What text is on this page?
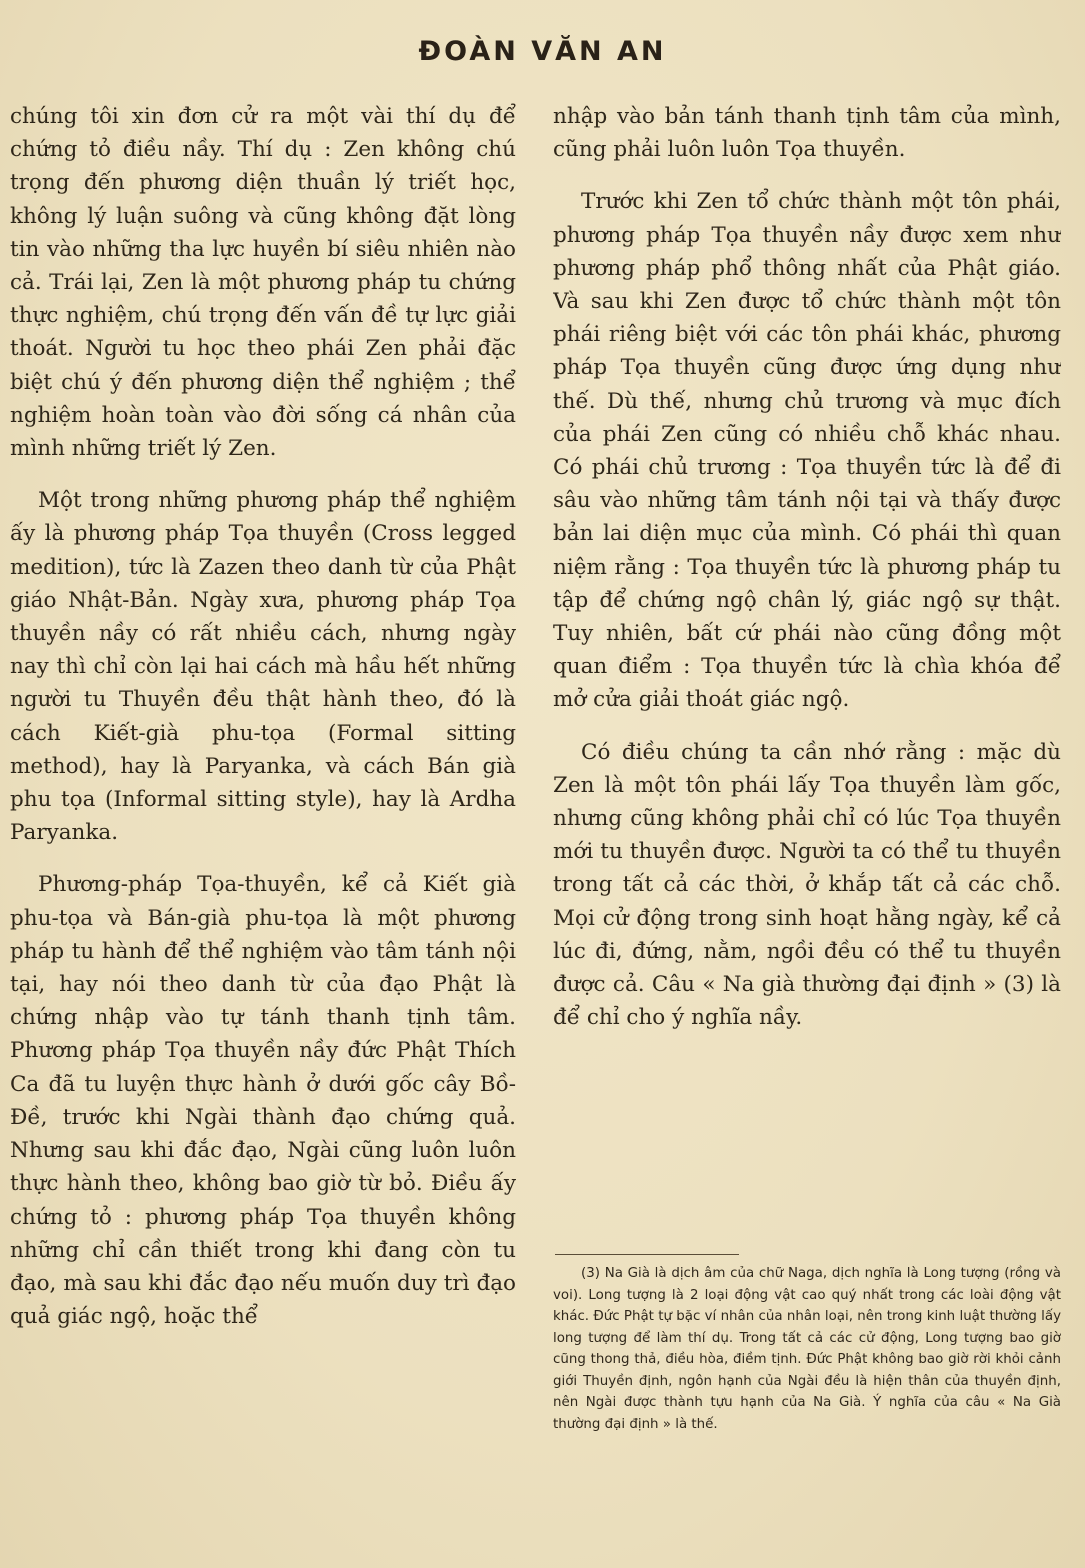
ĐOÀN VĂN AN

chúng tôi xin đơn cử ra một vài thí dụ để chứng tỏ điều nầy. Thí dụ : Zen không chú trọng đến phương diện thuần lý triết học, không lý luận suông và cũng không đặt lòng tin vào những tha lực huyền bí siêu nhiên nào cả. Trái lại, Zen là một phương pháp tu chứng thực nghiệm, chú trọng đến vấn đề tự lực giải thoát. Người tu học theo phái Zen phải đặc biệt chú ý đến phương diện thể nghiệm ; thể nghiệm hoàn toàn vào đời sống cá nhân của mình những triết lý Zen.

Một trong những phương pháp thể nghiệm ấy là phương pháp Tọa thuyền (Cross legged medition), tức là Zazen theo danh từ của Phật giáo Nhật-Bản. Ngày xưa, phương pháp Tọa thuyền nầy có rất nhiều cách, nhưng ngày nay thì chỉ còn lại hai cách mà hầu hết những người tu Thuyền đều thật hành theo, đó là cách Kiết-già phu-tọa (Formal sitting method), hay là Paryanka, và cách Bán già phu tọa (Informal sitting style), hay là Ardha Paryanka.

Phương-pháp Tọa-thuyền, kể cả Kiết già phu-tọa và Bán-già phu-tọa là một phương pháp tu hành để thể nghiệm vào tâm tánh nội tại, hay nói theo danh từ của đạo Phật là chứng nhập vào tự tánh thanh tịnh tâm. Phương pháp Tọa thuyền nầy đức Phật Thích Ca đã tu luyện thực hành ở dưới gốc cây Bồ-Đề, trước khi Ngài thành đạo chứng quả. Nhưng sau khi đắc đạo, Ngài cũng luôn luôn thực hành theo, không bao giờ từ bỏ. Điều ấy chứng tỏ : phương pháp Tọa thuyền không những chỉ cần thiết trong khi đang còn tu đạo, mà sau khi đắc đạo nếu muốn duy trì đạo quả giác ngộ, hoặc thể

nhập vào bản tánh thanh tịnh tâm của mình, cũng phải luôn luôn Tọa thuyền.

Trước khi Zen tổ chức thành một tôn phái, phương pháp Tọa thuyền nầy được xem như phương pháp phổ thông nhất của Phật giáo. Và sau khi Zen được tổ chức thành một tôn phái riêng biệt với các tôn phái khác, phương pháp Tọa thuyền cũng được ứng dụng như thế. Dù thế, nhưng chủ trương và mục đích của phái Zen cũng có nhiều chỗ khác nhau. Có phái chủ trương : Tọa thuyền tức là để đi sâu vào những tâm tánh nội tại và thấy được bản lai diện mục của mình. Có phái thì quan niệm rằng : Tọa thuyền tức là phương pháp tu tập để chứng ngộ chân lý, giác ngộ sự thật. Tuy nhiên, bất cứ phái nào cũng đồng một quan điểm : Tọa thuyền tức là chìa khóa để mở cửa giải thoát giác ngộ.

Có điều chúng ta cần nhớ rằng : mặc dù Zen là một tôn phái lấy Tọa thuyền làm gốc, nhưng cũng không phải chỉ có lúc Tọa thuyền mới tu thuyền được. Người ta có thể tu thuyền trong tất cả các thời, ở khắp tất cả các chỗ. Mọi cử động trong sinh hoạt hằng ngày, kể cả lúc đi, đứng, nằm, ngồi đều có thể tu thuyền được cả. Câu « Na già thường đại định » (3) là để chỉ cho ý nghĩa nầy.

(3) Na Già là dịch âm của chữ Naga, dịch nghĩa là Long tượng (rồng và voi). Long tượng là 2 loại động vật cao quý nhất trong các loài động vật khác. Đức Phật tự bặc ví nhân của nhân loại, nên trong kinh luật thường lấy long tượng để làm thí dụ. Trong tất cả các cử động, Long tượng bao giờ cũng thong thả, điều hòa, điềm tịnh. Đức Phật không bao giờ rời khỏi cảnh giới Thuyền định, ngôn hạnh của Ngài đều là hiện thân của thuyền định, nên Ngài được thành tựu hạnh của Na Già. Ý nghĩa của câu « Na Già thường đại định » là thế.
